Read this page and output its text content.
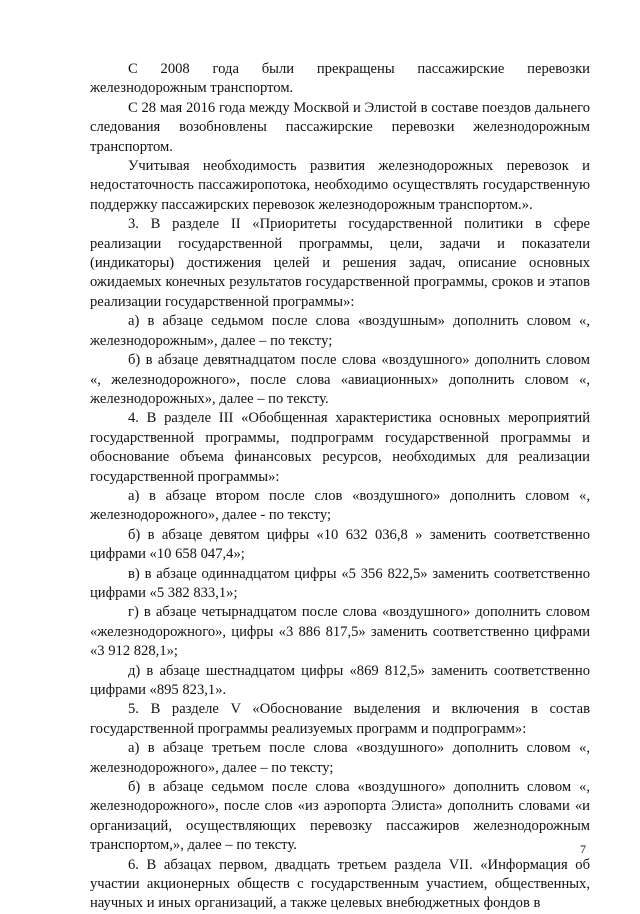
С 2008 года были прекращены пассажирские перевозки железнодорожным транспортом.

С 28 мая 2016 года между Москвой и Элистой в составе поездов дальнего следования возобновлены пассажирские перевозки железнодорожным транспортом.

Учитывая необходимость развития железнодорожных перевозок и недостаточность пассажиропотока, необходимо осуществлять государственную поддержку пассажирских перевозок железнодорожным транспортом.».

3. В разделе II «Приоритеты государственной политики в сфере реализации государственной программы, цели, задачи и показатели (индикаторы) достижения целей и решения задач, описание основных ожидаемых конечных результатов государственной программы, сроков и этапов реализации государственной программы»:

а) в абзаце седьмом после слова «воздушным» дополнить словом «, железнодорожным», далее – по тексту;

б) в абзаце девятнадцатом после слова «воздушного» дополнить словом «, железнодорожного», после слова «авиационных» дополнить словом «, железнодорожных», далее – по тексту.

4. В разделе III «Обобщенная характеристика основных мероприятий государственной программы, подпрограмм государственной программы и обоснование объема финансовых ресурсов, необходимых для реализации государственной программы»:

а) в абзаце втором после слов «воздушного» дополнить словом «, железнодорожного», далее - по тексту;

б) в абзаце девятом цифры «10 632 036,8 » заменить соответственно цифрами «10 658 047,4»;

в) в абзаце одиннадцатом цифры «5 356 822,5» заменить соответственно цифрами «5 382 833,1»;

г) в абзаце четырнадцатом после слова «воздушного» дополнить словом «железнодорожного», цифры «3 886 817,5» заменить соответственно цифрами «3 912 828,1»;

д) в абзаце шестнадцатом цифры «869 812,5» заменить соответственно цифрами «895 823,1».

5. В разделе V «Обоснование выделения и включения в состав государственной программы реализуемых программ и подпрограмм»:

а) в абзаце третьем после слова «воздушного» дополнить словом «, железнодорожного», далее – по тексту;

б) в абзаце седьмом после слова «воздушного» дополнить словом «, железнодорожного», после слов «из аэропорта Элиста» дополнить словами «и организаций, осуществляющих перевозку пассажиров железнодорожным транспортом,», далее – по тексту.

6. В абзацах первом, двадцать третьем раздела VII. «Информация об участии акционерных обществ с государственным участием, общественных, научных и иных организаций, а также целевых внебюджетных фондов в

7
